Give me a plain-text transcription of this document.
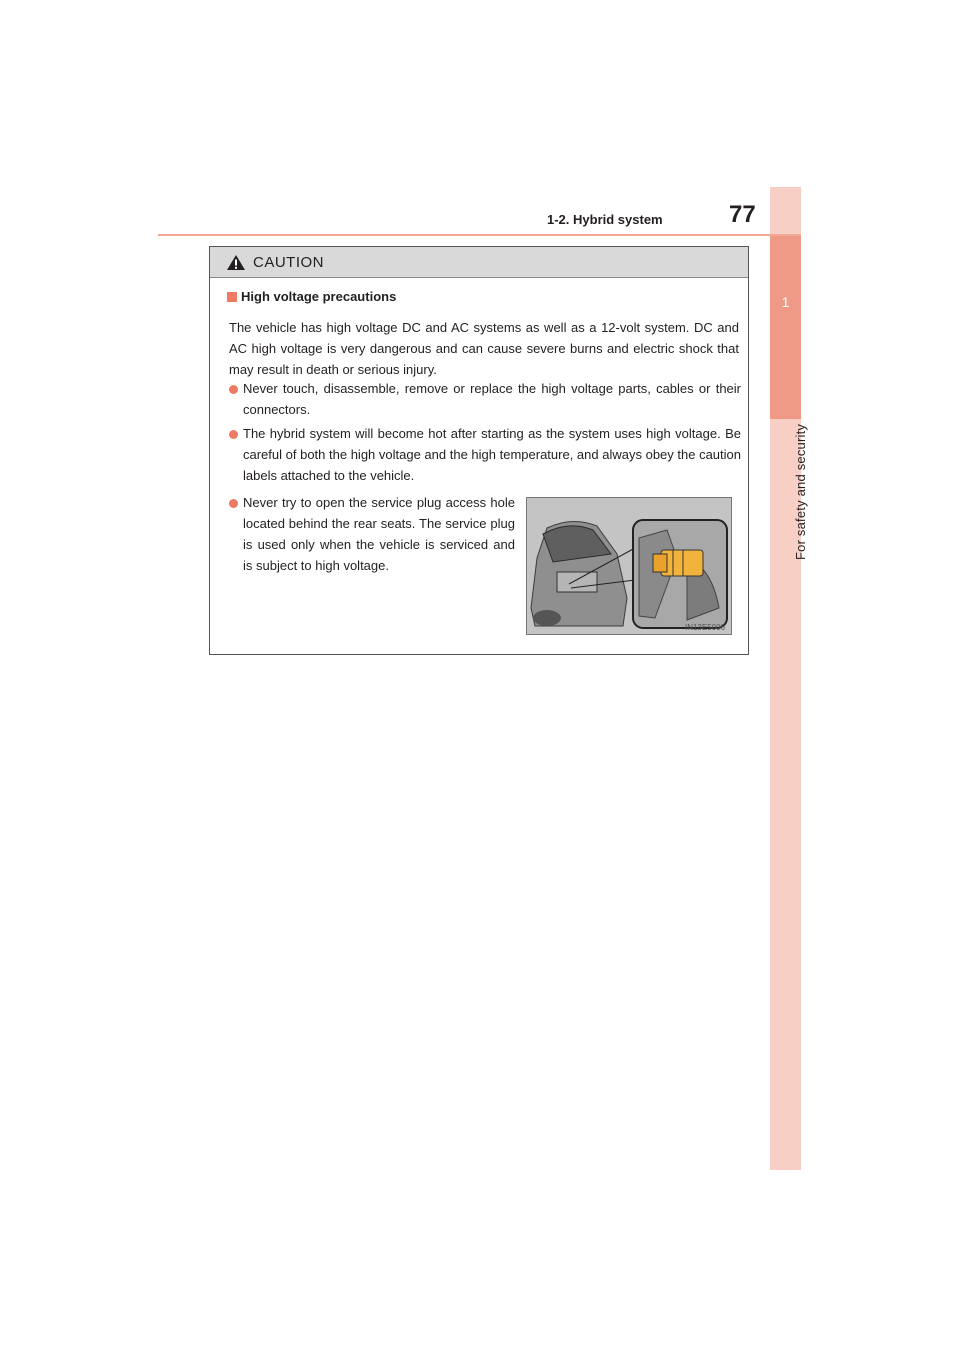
1
For safety and security
1-2. Hybrid system	77
CAUTION
High voltage precautions
The vehicle has high voltage DC and AC systems as well as a 12-volt system. DC and AC high voltage is very dangerous and can cause severe burns and electric shock that may result in death or serious injury.
Never touch, disassemble, remove or replace the high voltage parts, cables or their connectors.
The hybrid system will become hot after starting as the system uses high voltage. Be careful of both the high voltage and the high temperature, and always obey the caution labels attached to the vehicle.
Never try to open the service plug access hole located behind the rear seats. The service plug is used only when the vehicle is serviced and is subject to high voltage.
IN13E5006
